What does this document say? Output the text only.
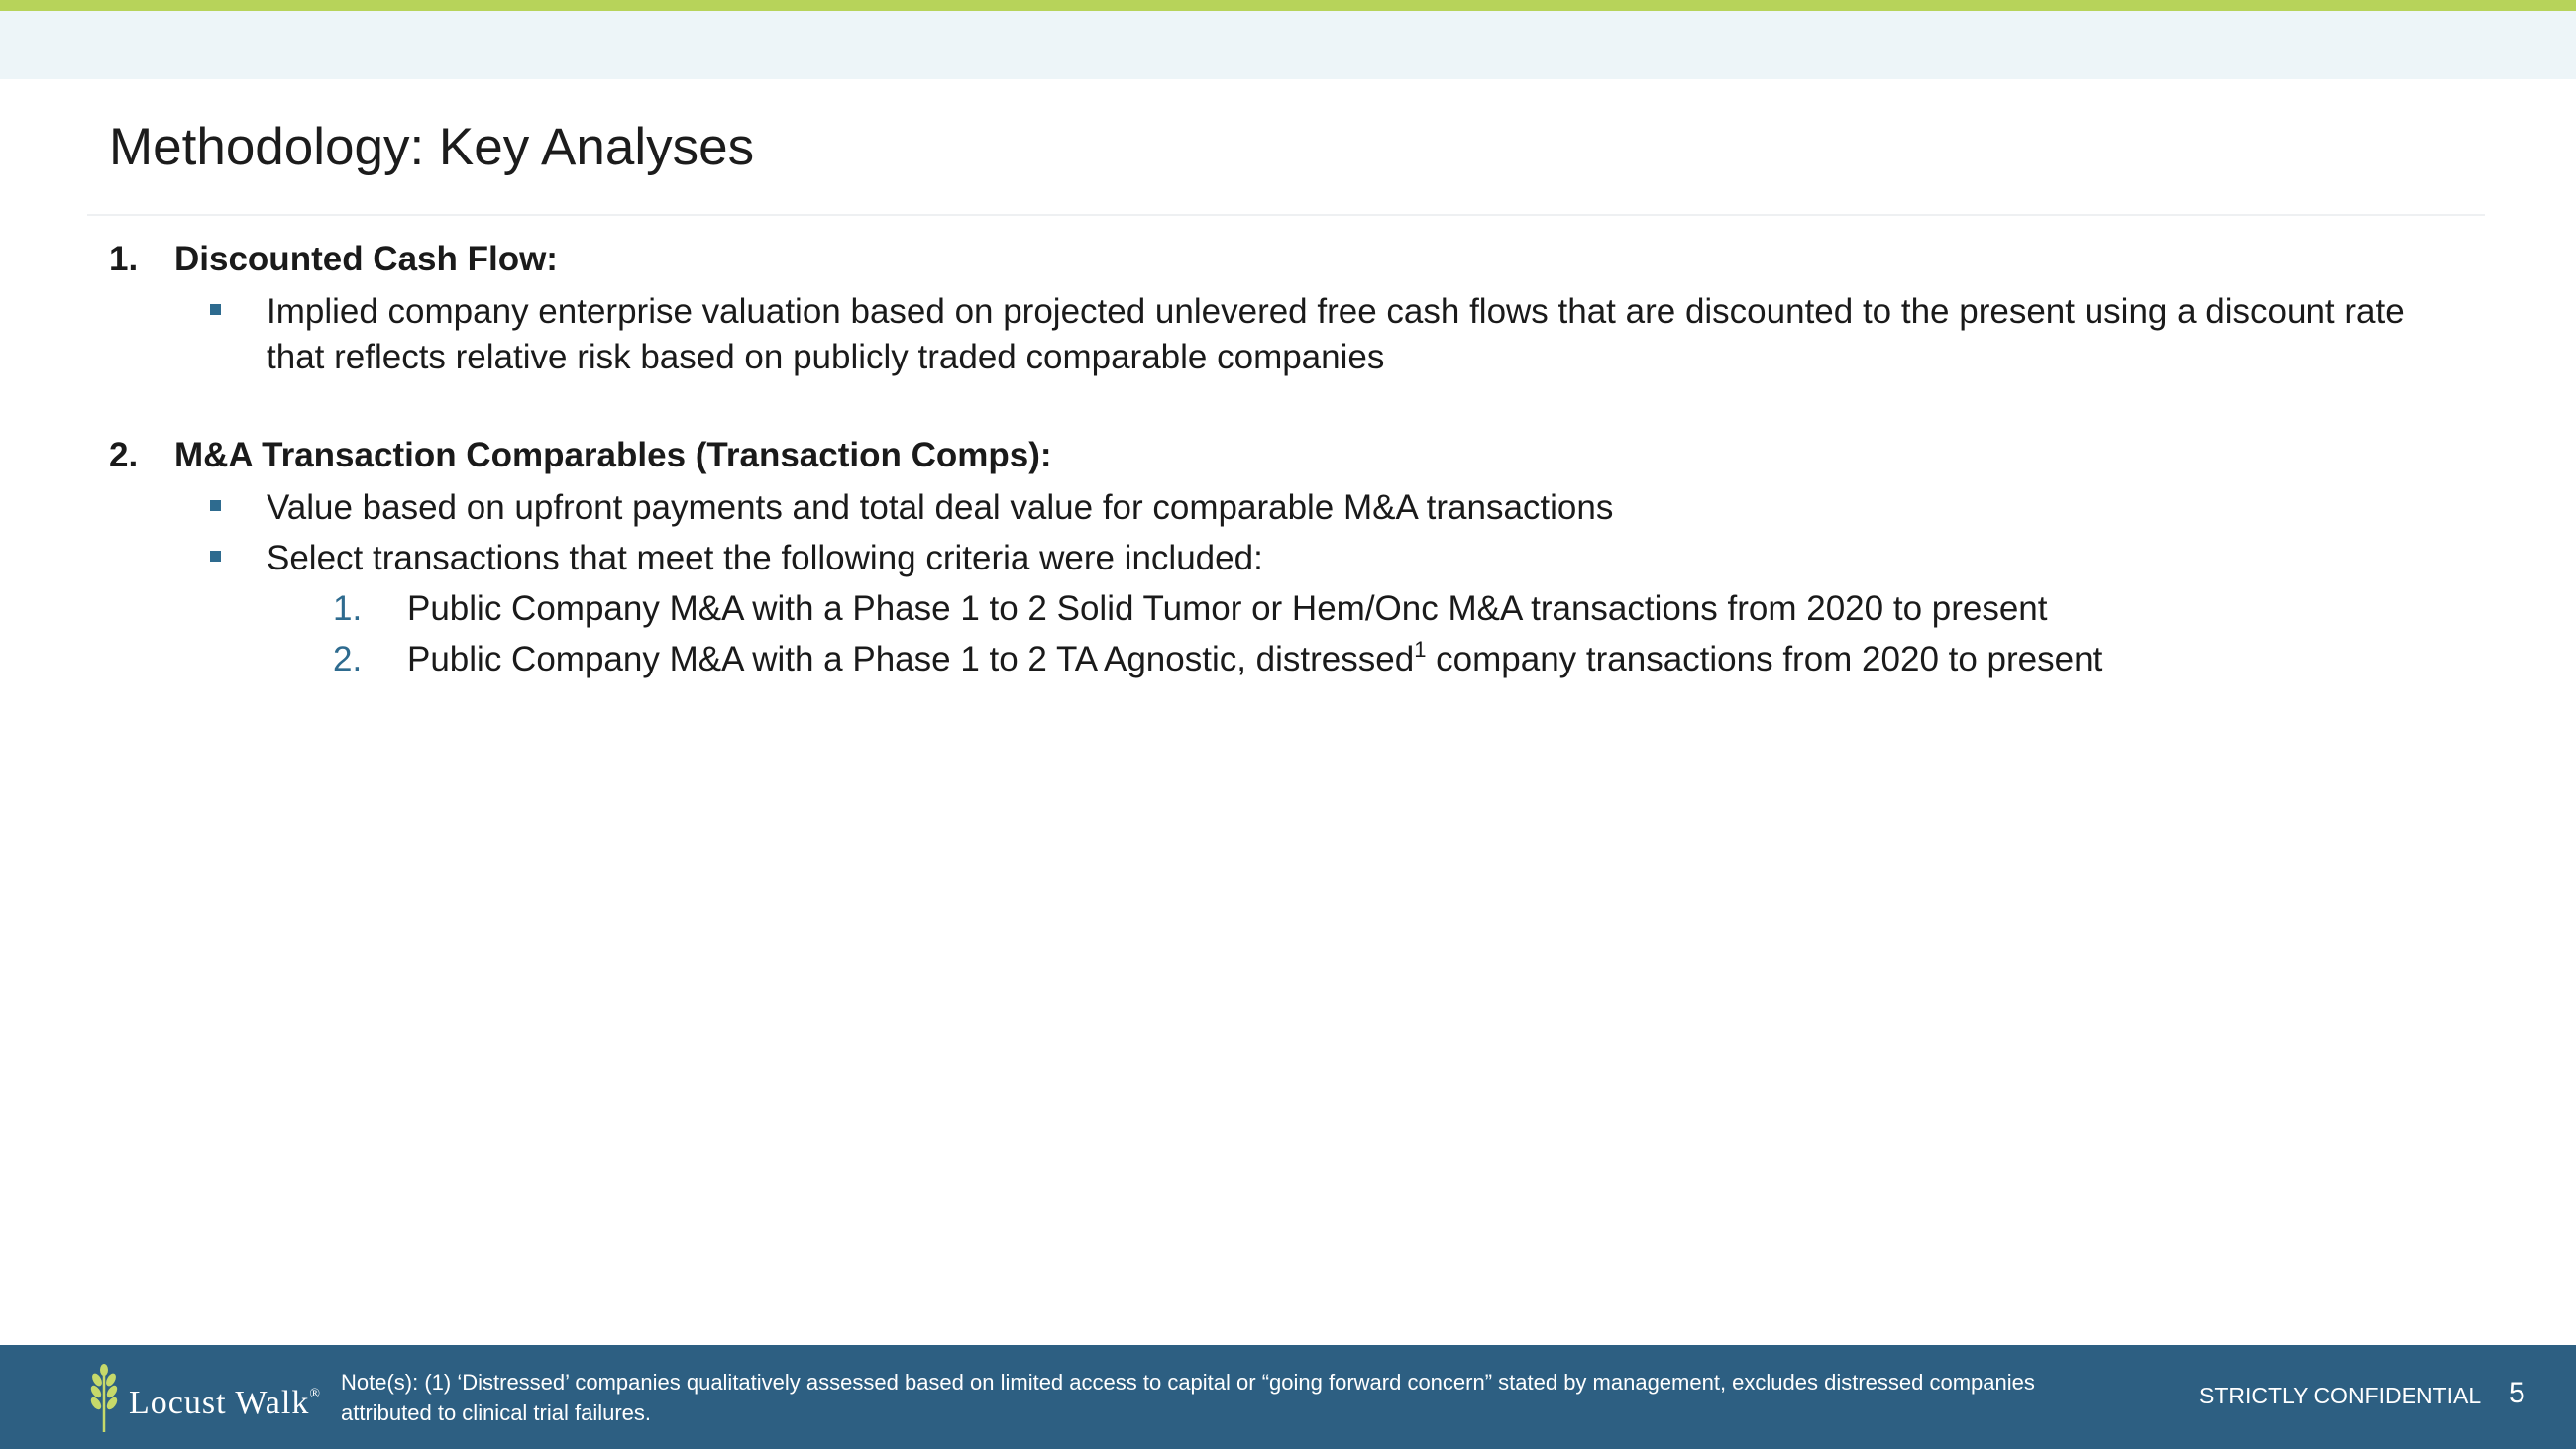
Methodology: Key Analyses
1. Discounted Cash Flow:
Implied company enterprise valuation based on projected unlevered free cash flows that are discounted to the present using a discount rate that reflects relative risk based on publicly traded comparable companies
2. M&A Transaction Comparables (Transaction Comps):
Value based on upfront payments and total deal value for comparable M&A transactions
Select transactions that meet the following criteria were included:
1. Public Company M&A with a Phase 1 to 2 Solid Tumor or Hem/Onc M&A transactions from 2020 to present
2. Public Company M&A with a Phase 1 to 2 TA Agnostic, distressed$^1$ company transactions from 2020 to present
Locust Walk® Note(s): (1) ‘Distressed’ companies qualitatively assessed based on limited access to capital or “going forward concern” stated by management, excludes distressed companies attributed to clinical trial failures.
STRICTLY CONFIDENTIAL 5
